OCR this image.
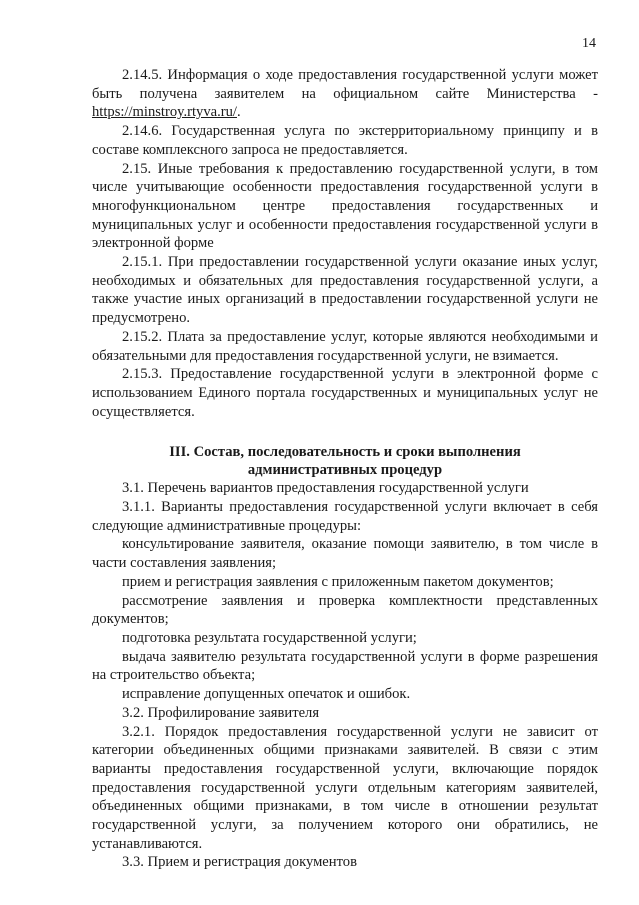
14

2.14.5. Информация о ходе предоставления государственной услуги может быть получена заявителем на официальном сайте Министерства - https://minstroy.rtyva.ru/.

2.14.6. Государственная услуга по экстерриториальному принципу и в составе комплексного запроса не предоставляется.

2.15. Иные требования к предоставлению государственной услуги, в том числе учитывающие особенности предоставления государственной услуги в многофункциональном центре предоставления государственных и муниципальных услуг и особенности предоставления государственной услуги в электронной форме

2.15.1. При предоставлении государственной услуги оказание иных услуг, необходимых и обязательных для предоставления государственной услуги, а также участие иных организаций в предоставлении государственной услуги не предусмотрено.

2.15.2. Плата за предоставление услуг, которые являются необходимыми и обязательными для предоставления государственной услуги, не взимается.

2.15.3. Предоставление государственной услуги в электронной форме с использованием Единого портала государственных и муниципальных услуг не осуществляется.

III. Состав, последовательность и сроки выполнения
административных процедур

3.1. Перечень вариантов предоставления государственной услуги

3.1.1. Варианты предоставления государственной услуги включает в себя следующие административные процедуры:

консультирование заявителя, оказание помощи заявителю, в том числе в части составления заявления;

прием и регистрация заявления с приложенным пакетом документов;

рассмотрение заявления и проверка комплектности представленных документов;

подготовка результата государственной услуги;

выдача заявителю результата государственной услуги в форме разрешения на строительство объекта;

исправление допущенных опечаток и ошибок.

3.2. Профилирование заявителя

3.2.1. Порядок предоставления государственной услуги не зависит от категории объединенных общими признаками заявителей. В связи с этим варианты предоставления государственной услуги, включающие порядок предоставления государственной услуги отдельным категориям заявителей, объединенных общими признаками, в том числе в отношении результат государственной услуги, за получением которого они обратились, не устанавливаются.

3.3. Прием и регистрация документов
